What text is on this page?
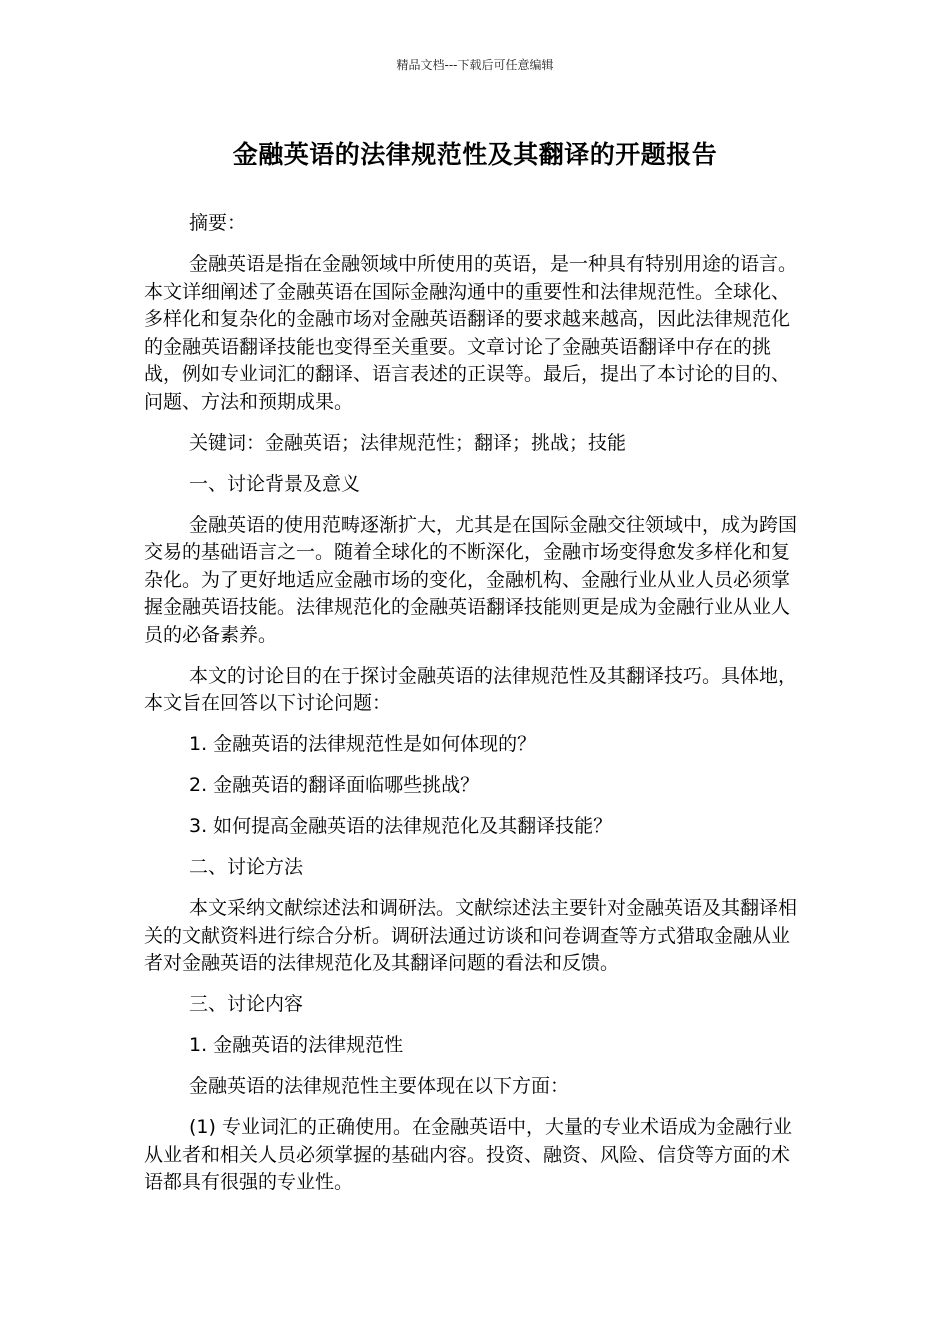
精品文档---下载后可任意编辑
金融英语的法律规范性及其翻译的开题报告

摘要：

金融英语是指在金融领域中所使用的英语，是一种具有特别用途的语言。本文详细阐述了金融英语在国际金融沟通中的重要性和法律规范性。全球化、多样化和复杂化的金融市场对金融英语翻译的要求越来越高，因此法律规范化的金融英语翻译技能也变得至关重要。文章讨论了金融英语翻译中存在的挑战，例如专业词汇的翻译、语言表述的正误等。最后，提出了本讨论的目的、问题、方法和预期成果。

关键词：金融英语；法律规范性；翻译；挑战；技能

一、讨论背景及意义

金融英语的使用范畴逐渐扩大，尤其是在国际金融交往领域中，成为跨国交易的基础语言之一。随着全球化的不断深化，金融市场变得愈发多样化和复杂化。为了更好地适应金融市场的变化，金融机构、金融行业从业人员必须掌握金融英语技能。法律规范化的金融英语翻译技能则更是成为金融行业从业人员的必备素养。

本文的讨论目的在于探讨金融英语的法律规范性及其翻译技巧。具体地，本文旨在回答以下讨论问题：

1. 金融英语的法律规范性是如何体现的？

2. 金融英语的翻译面临哪些挑战？

3. 如何提高金融英语的法律规范化及其翻译技能？

二、讨论方法

本文采纳文献综述法和调研法。文献综述法主要针对金融英语及其翻译相关的文献资料进行综合分析。调研法通过访谈和问卷调查等方式猎取金融从业者对金融英语的法律规范化及其翻译问题的看法和反馈。

三、讨论内容

1. 金融英语的法律规范性

金融英语的法律规范性主要体现在以下方面：

(1) 专业词汇的正确使用。在金融英语中，大量的专业术语成为金融行业从业者和相关人员必须掌握的基础内容。投资、融资、风险、信贷等方面的术语都具有很强的专业性。
